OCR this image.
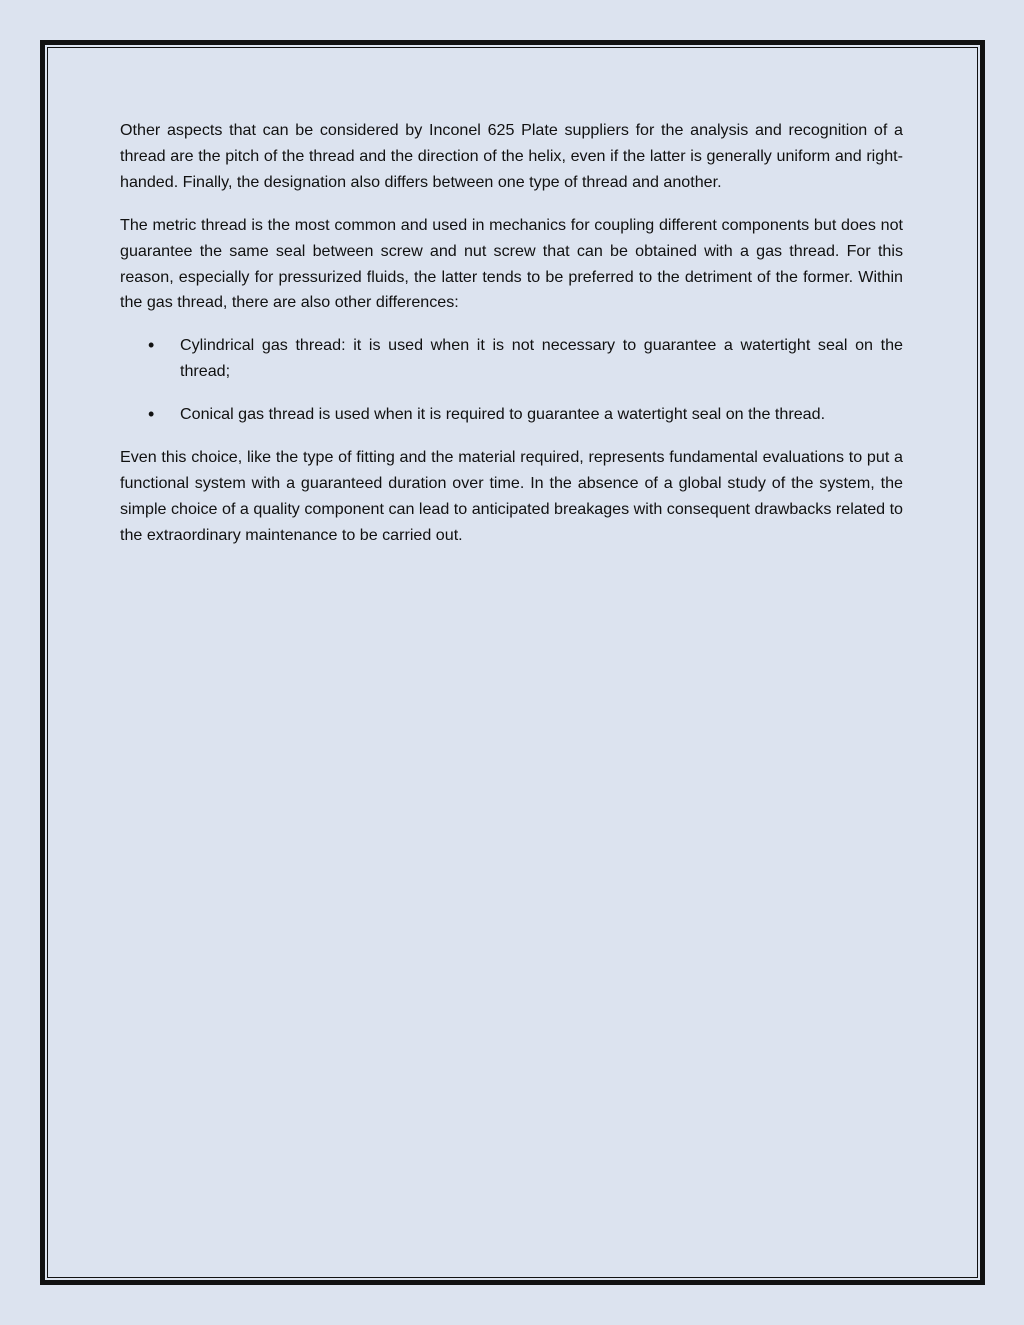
Other aspects that can be considered by Inconel 625 Plate suppliers for the analysis and recognition of a thread are the pitch of the thread and the direction of the helix, even if the latter is generally uniform and right-handed. Finally, the designation also differs between one type of thread and another.

The metric thread is the most common and used in mechanics for coupling different components but does not guarantee the same seal between screw and nut screw that can be obtained with a gas thread. For this reason, especially for pressurized fluids, the latter tends to be preferred to the detriment of the former. Within the gas thread, there are also other differences:

• Cylindrical gas thread: it is used when it is not necessary to guarantee a watertight seal on the thread;
• Conical gas thread is used when it is required to guarantee a watertight seal on the thread.

Even this choice, like the type of fitting and the material required, represents fundamental evaluations to put a functional system with a guaranteed duration over time. In the absence of a global study of the system, the simple choice of a quality component can lead to anticipated breakages with consequent drawbacks related to the extraordinary maintenance to be carried out.
